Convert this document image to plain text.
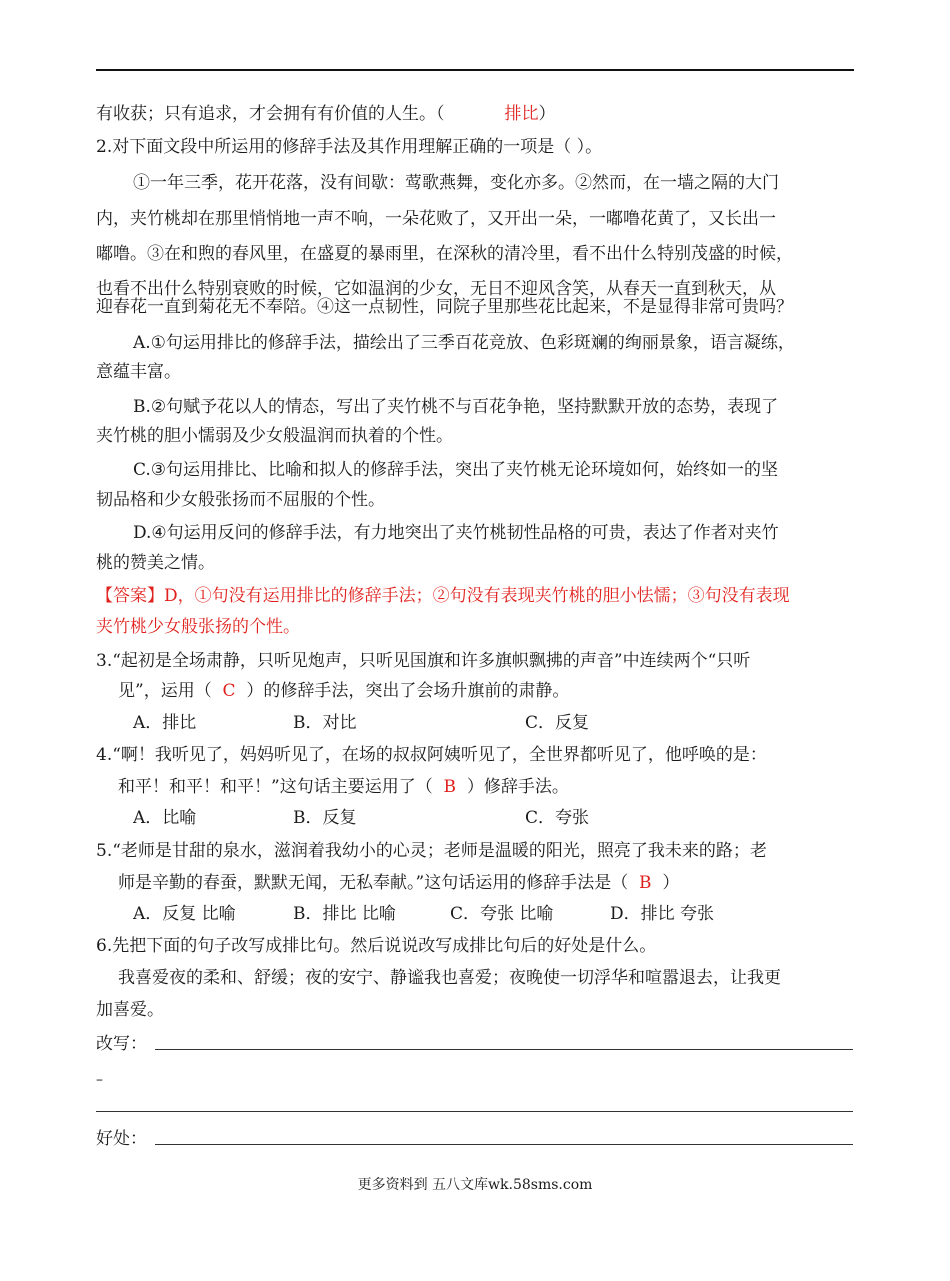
有收获；只有追求，才会拥有有价值的人生。（	排比）
2.对下面文段中所运用的修辞手法及其作用理解正确的一项是（ ）。
①一年三季，花开花落，没有间歇：莺歌燕舞，变化亦多。②然而，在一墙之隔的大门
内，夹竹桃却在那里悄悄地一声不响，一朵花败了，又开出一朵，一嘟噜花黄了，又长出一
嘟噜。③在和煦的春风里，在盛夏的暴雨里，在深秋的清冷里，看不出什么特别茂盛的时候，
也看不出什么特别衰败的时候，它如温润的少女，无日不迎风含笑，从春天一直到秋天，从
迎春花一直到菊花无不奉陪。④这一点韧性，同院子里那些花比起来，不是显得非常可贵吗？
A.①句运用排比的修辞手法，描绘出了三季百花竞放、色彩斑斓的绚丽景象，语言凝练，
意蕴丰富。
B.②句赋予花以人的情态，写出了夹竹桃不与百花争艳，坚持默默开放的态势，表现了
夹竹桃的胆小懦弱及少女般温润而执着的个性。
C.③句运用排比、比喻和拟人的修辞手法，突出了夹竹桃无论环境如何，始终如一的坚
韧品格和少女般张扬而不屈服的个性。
D.④句运用反问的修辞手法，有力地突出了夹竹桃韧性品格的可贵，表达了作者对夹竹
桃的赞美之情。
【答案】D，①句没有运用排比的修辞手法；②句没有表现夹竹桃的胆小怯懦；③句没有表现
夹竹桃少女般张扬的个性。
3.“起初是全场肃静，只听见炮声，只听见国旗和许多旗帜飘拂的声音”中连续两个“只听
见”，运用（ C ）的修辞手法，突出了会场升旗前的肃静。
A．排比	B．对比	C．反复
4.“啊！我听见了，妈妈听见了，在场的叔叔阿姨听见了，全世界都听见了，他呼唤的是：
和平！和平！和平！”这句话主要运用了（ B ）修辞手法。
A．比喻	B．反复	C．夸张
5.“老师是甘甜的泉水，滋润着我幼小的心灵；老师是温暖的阳光，照亮了我未来的路；老
师是辛勤的春蚕，默默无闻，无私奉献。”这句话运用的修辞手法是（ B ）
A．反复 比喻	B．排比 比喻	C．夸张 比喻	D．排比 夸张
6.先把下面的句子改写成排比句。然后说说改写成排比句后的好处是什么。
我喜爱夜的柔和、舒缓；夜的安宁、静谧我也喜爱；夜晚使一切浮华和喧嚣退去，让我更
加喜爱。
改写：
–
好处：
更多资料到 五八文库wk.58sms.com
